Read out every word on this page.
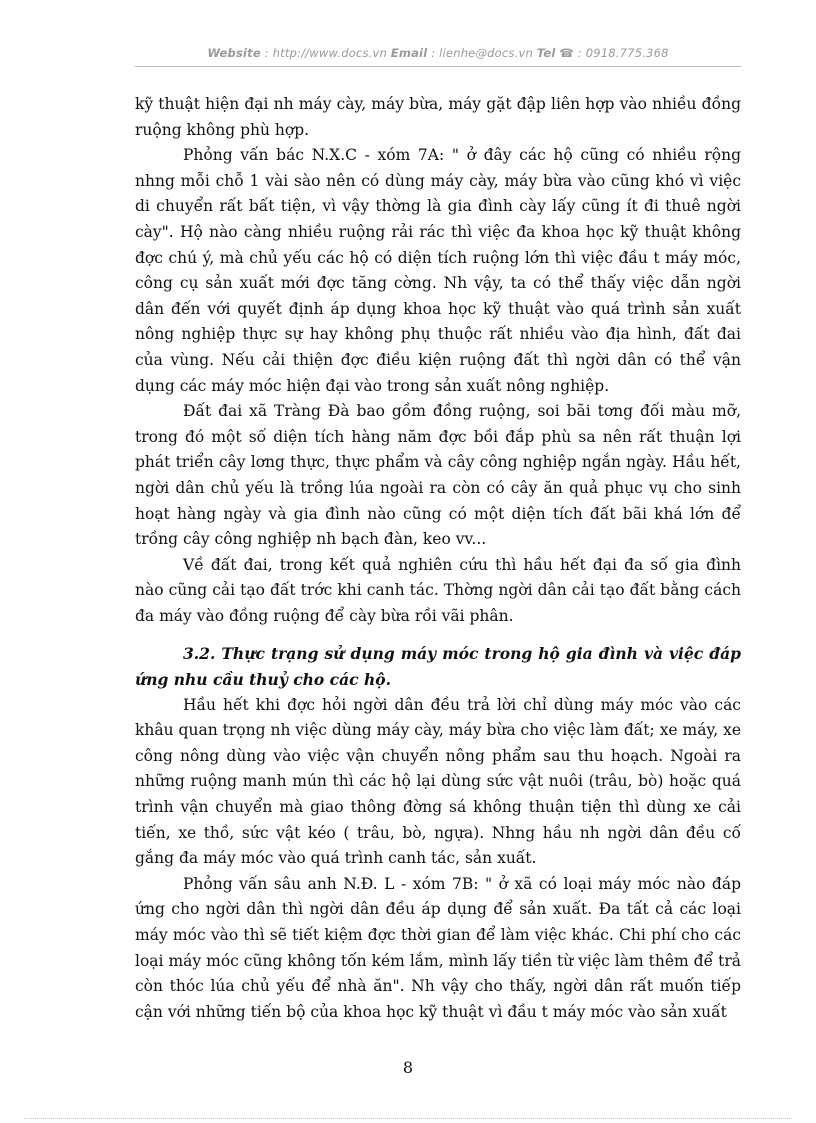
Website : http://www.docs.vn Email : lienhe@docs.vn Tel ☎ : 0918.775.368

kỹ thuật hiện đại nh máy cày, máy bừa, máy gặt đập liên hợp vào nhiều đồng ruộng không phù hợp.

Phỏng vấn bác N.X.C - xóm 7A: " ở đây các hộ cũng có nhiều rộng nhng mỗi chỗ 1 vài sào nên có dùng máy cày, máy bừa vào cũng khó vì việc di chuyển rất bất tiện, vì vậy thờng là gia đình cày lấy cũng ít đi thuê ngời cày". Hộ nào càng nhiều ruộng rải rác thì việc đa khoa học kỹ thuật không đợc chú ý, mà chủ yếu các hộ có diện tích ruộng lớn thì việc đầu t máy móc, công cụ sản xuất mới đợc tăng cờng. Nh vậy, ta có thể thấy việc dẫn ngời dân đến với quyết định áp dụng khoa học kỹ thuật vào quá trình sản xuất nông nghiệp thực sự hay không phụ thuộc rất nhiều vào địa hình, đất đai của vùng. Nếu cải thiện đợc điều kiện ruộng đất thì ngời dân có thể vận dụng các máy móc hiện đại vào trong sản xuất nông nghiệp.

Đất đai xã Tràng Đà bao gồm đồng ruộng, soi bãi tơng đối màu mỡ, trong đó một số diện tích hàng năm đợc bồi đắp phù sa nên rất thuận lợi phát triển cây lơng thực, thực phẩm và cây công nghiệp ngắn ngày. Hầu hết, ngời dân chủ yếu là trồng lúa ngoài ra còn có cây ăn quả phục vụ cho sinh hoạt hàng ngày và gia đình nào cũng có một diện tích đất bãi khá lớn để trồng cây công nghiệp nh bạch đàn, keo vv...

Về đất đai, trong kết quả nghiên cứu thì hầu hết đại đa số gia đình nào cũng cải tạo đất trớc khi canh tác. Thờng ngời dân cải tạo đất bằng cách đa máy vào đồng ruộng để cày bừa rồi vãi phân.

3.2. Thực trạng sử dụng máy móc trong hộ gia đình và việc đáp ứng nhu cầu thuỷ cho các hộ.

Hầu hết khi đợc hỏi ngời dân đều trả lời chỉ dùng máy móc vào các khâu quan trọng nh việc dùng máy cày, máy bừa cho việc làm đất; xe máy, xe công nông dùng vào việc vận chuyển nông phẩm sau thu hoạch. Ngoài ra những ruộng manh mún thì các hộ lại dùng sức vật nuôi (trâu, bò) hoặc quá trình vận chuyển mà giao thông đờng sá không thuận tiện thì dùng xe cải tiến, xe thồ, sức vật kéo ( trâu, bò, ngựa). Nhng hầu nh ngời dân đều cố gắng đa máy móc vào quá trình canh tác, sản xuất.

Phỏng vấn sâu anh N.Đ. L - xóm 7B: " ở xã có loại máy móc nào đáp ứng cho ngời dân thì ngời dân đều áp dụng để sản xuất. Đa tất cả các loại máy móc vào thì sẽ tiết kiệm đợc thời gian để làm việc khác. Chi phí cho các loại máy móc cũng không tốn kém lắm, mình lấy tiền từ việc làm thêm để trả còn thóc lúa chủ yếu để nhà ăn". Nh vậy cho thấy, ngời dân rất muốn tiếp cận với những tiến bộ của khoa học kỹ thuật vì đầu t máy móc vào sản xuất

8
